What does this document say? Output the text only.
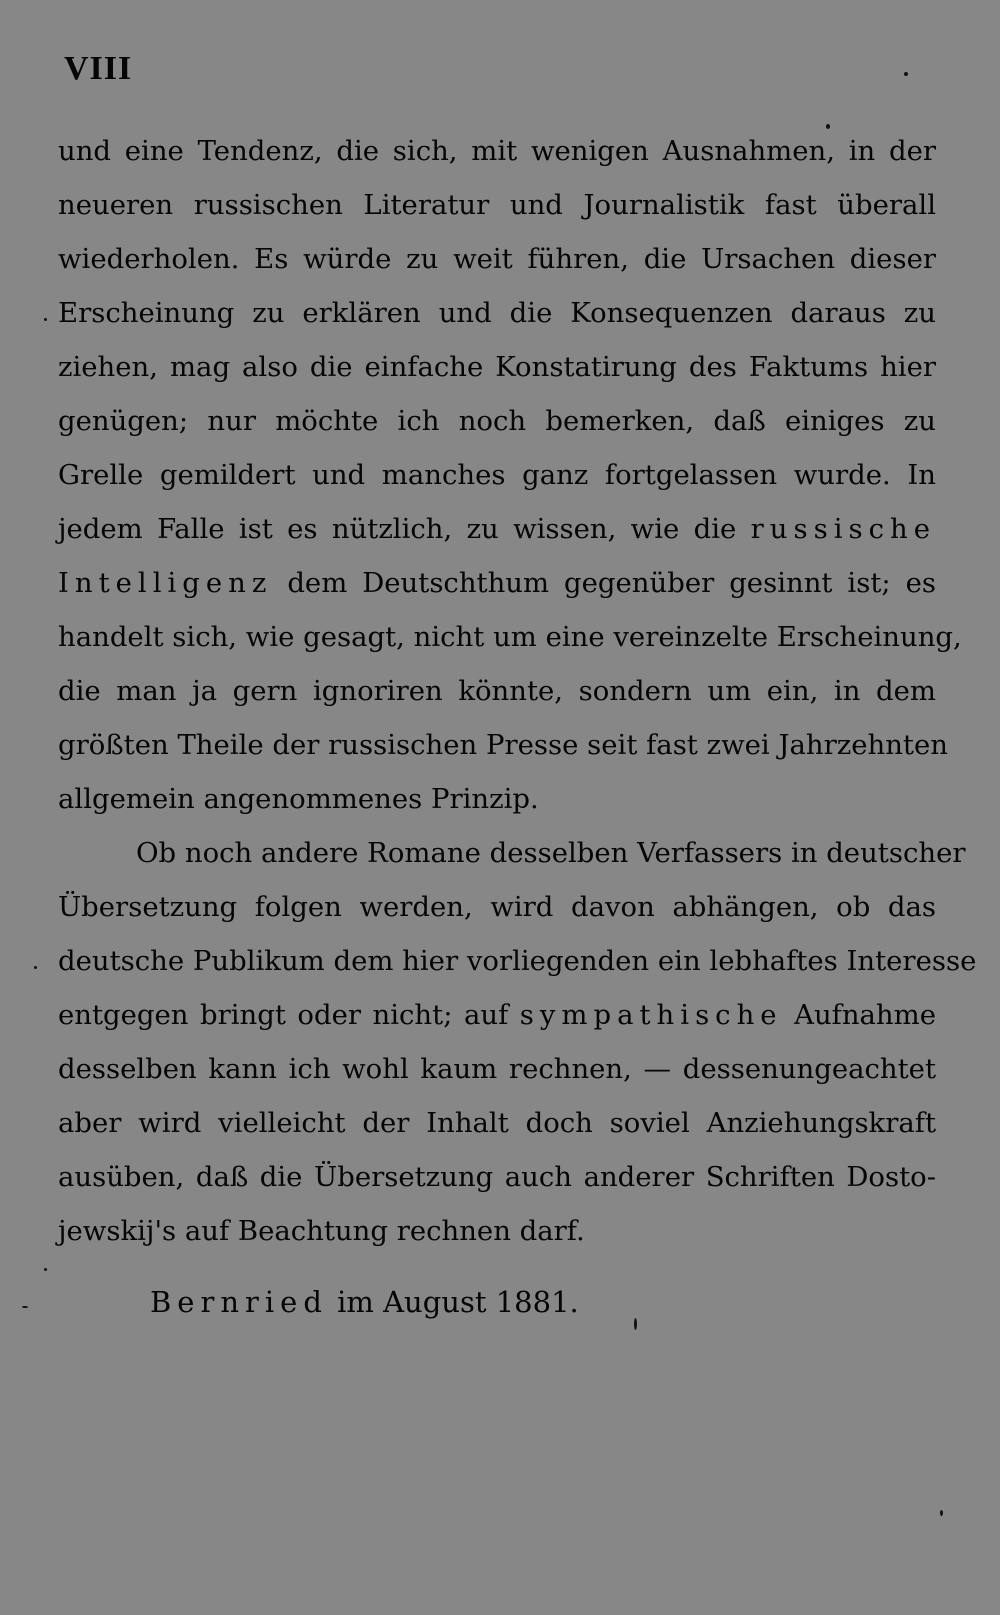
VIII
und eine Tendenz, die sich, mit wenigen Ausnahmen, in der
neueren russischen Literatur und Journalistik fast überall
wiederholen. Es würde zu weit führen, die Ursachen dieser
Erscheinung zu erklären und die Konsequenzen daraus zu
ziehen, mag also die einfache Konstatirung des Faktums hier
genügen; nur möchte ich noch bemerken, daß einiges zu
Grelle gemildert und manches ganz fortgelassen wurde. In
jedem Falle ist es nützlich, zu wissen, wie die russische
Intelligenz dem Deutschthum gegenüber gesinnt ist; es
handelt sich, wie gesagt, nicht um eine vereinzelte Erscheinung,
die man ja gern ignoriren könnte, sondern um ein, in dem
größten Theile der russischen Presse seit fast zwei Jahrzehnten
allgemein angenommenes Prinzip.
Ob noch andere Romane desselben Verfassers in deutscher
Übersetzung folgen werden, wird davon abhängen, ob das
deutsche Publikum dem hier vorliegenden ein lebhaftes Interesse
entgegen bringt oder nicht; auf sympathische Aufnahme
desselben kann ich wohl kaum rechnen, — dessenungeachtet
aber wird vielleicht der Inhalt doch soviel Anziehungskraft
ausüben, daß die Übersetzung auch anderer Schriften Dosto-
jewskij's auf Beachtung rechnen darf.
Bernried im August 1881.
